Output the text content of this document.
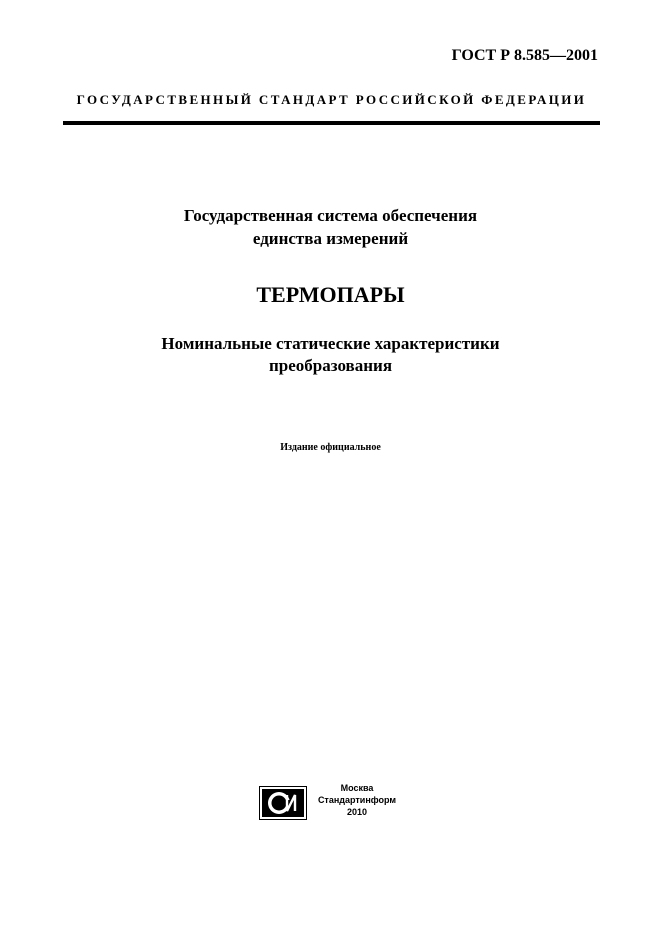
ГОСТ Р 8.585—2001
ГОСУДАРСТВЕННЫЙ СТАНДАРТ РОССИЙСКОЙ ФЕДЕРАЦИИ
Государственная система обеспечения
единства измерений
ТЕРМОПАРЫ
Номинальные статические характеристики
преобразования
Издание официальное
Москва
Стандартинформ
2010
